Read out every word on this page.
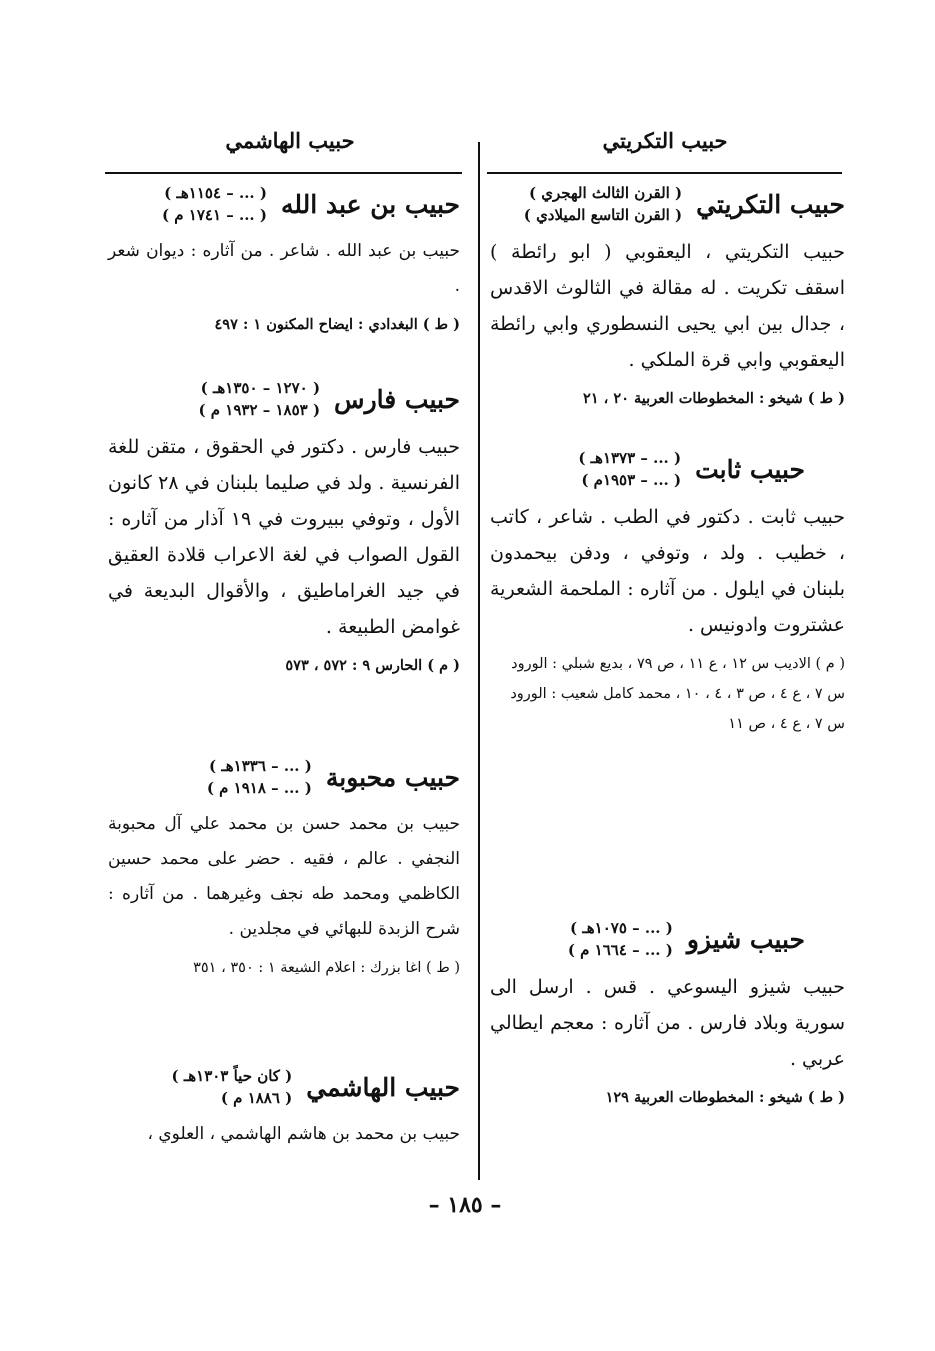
حبيب التكريتي
حبيب الهاشمي
حبيب التكريتي
( القرن الثالث الهجري )
( القرن التاسع الميلادي )
حبيب التكريتي ، اليعقوبي ( ابو رائطة ) اسقف تكريت . له مقالة في الثالوث الاقدس ، جدال بين ابي يحيى النسطوري وابي رائطة اليعقوبي وابي قرة الملكي .
( ط ) شيخو : المخطوطات العربية ٢٠ ، ٢١
حبيب ثابت
( ... – ١٣٧٣هـ )
( ... – ١٩٥٣م )
حبيب ثابت . دكتور في الطب . شاعر ، كاتب ، خطيب . ولد ، وتوفي ، ودفن بيحمدون بلبنان في ايلول . من آثاره : الملحمة الشعرية عشتروت وادونيس .
( م ) الاديب س ١٢ ، ع ١١ ، ص ٧٩ ، بديع شبلي : الورود س ٧ ، ع ٤ ، ص ٣ ، ٤ ، ١٠ ، محمد كامل شعيب : الورود س ٧ ، ع ٤ ، ص ١١
حبيب شيزو
( ... – ١٠٧٥هـ )
( ... – ١٦٦٤ م )
حبيب شيزو اليسوعي . قس . ارسل الى سورية وبلاد فارس . من آثاره : معجم ايطالي عربي .
( ط ) شيخو : المخطوطات العربية ١٢٩
حبيب بن عبد الله
( ... – ١١٥٤هـ )
( ... – ١٧٤١ م )
حبيب بن عبد الله . شاعر . من آثاره : ديوان شعر .
( ط ) البغدادي : ايضاح المكنون ١ : ٤٩٧
حبيب فارس
( ١٢٧٠ – ١٣٥٠هـ )
( ١٨٥٣ – ١٩٣٢ م )
حبيب فارس . دكتور في الحقوق ، متقن للغة الفرنسية . ولد في صليما بلبنان في ٢٨ كانون الأول ، وتوفي ببيروت في ١٩ آذار من آثاره : القول الصواب في لغة الاعراب قلادة العقيق في جيد الغراماطيق ، والأقوال البديعة في غوامض الطبيعة .
( م ) الحارس ٩ : ٥٧٢ ، ٥٧٣
حبيب محبوبة
( ... – ١٣٣٦هـ )
( ... – ١٩١٨ م )
حبيب بن محمد حسن بن محمد علي آل محبوبة النجفي . عالم ، فقيه . حضر على محمد حسين الكاظمي ومحمد طه نجف وغيرهما . من آثاره : شرح الزبدة للبهائي في مجلدين .
( ط ) اغا بزرك : اعلام الشيعة ١ : ٣٥٠ ، ٣٥١
حبيب الهاشمي
( كان حياً ١٣٠٣هـ )
( ١٨٨٦ م )
حبيب بن محمد بن هاشم الهاشمي ، العلوي ،
– ١٨٥ –
